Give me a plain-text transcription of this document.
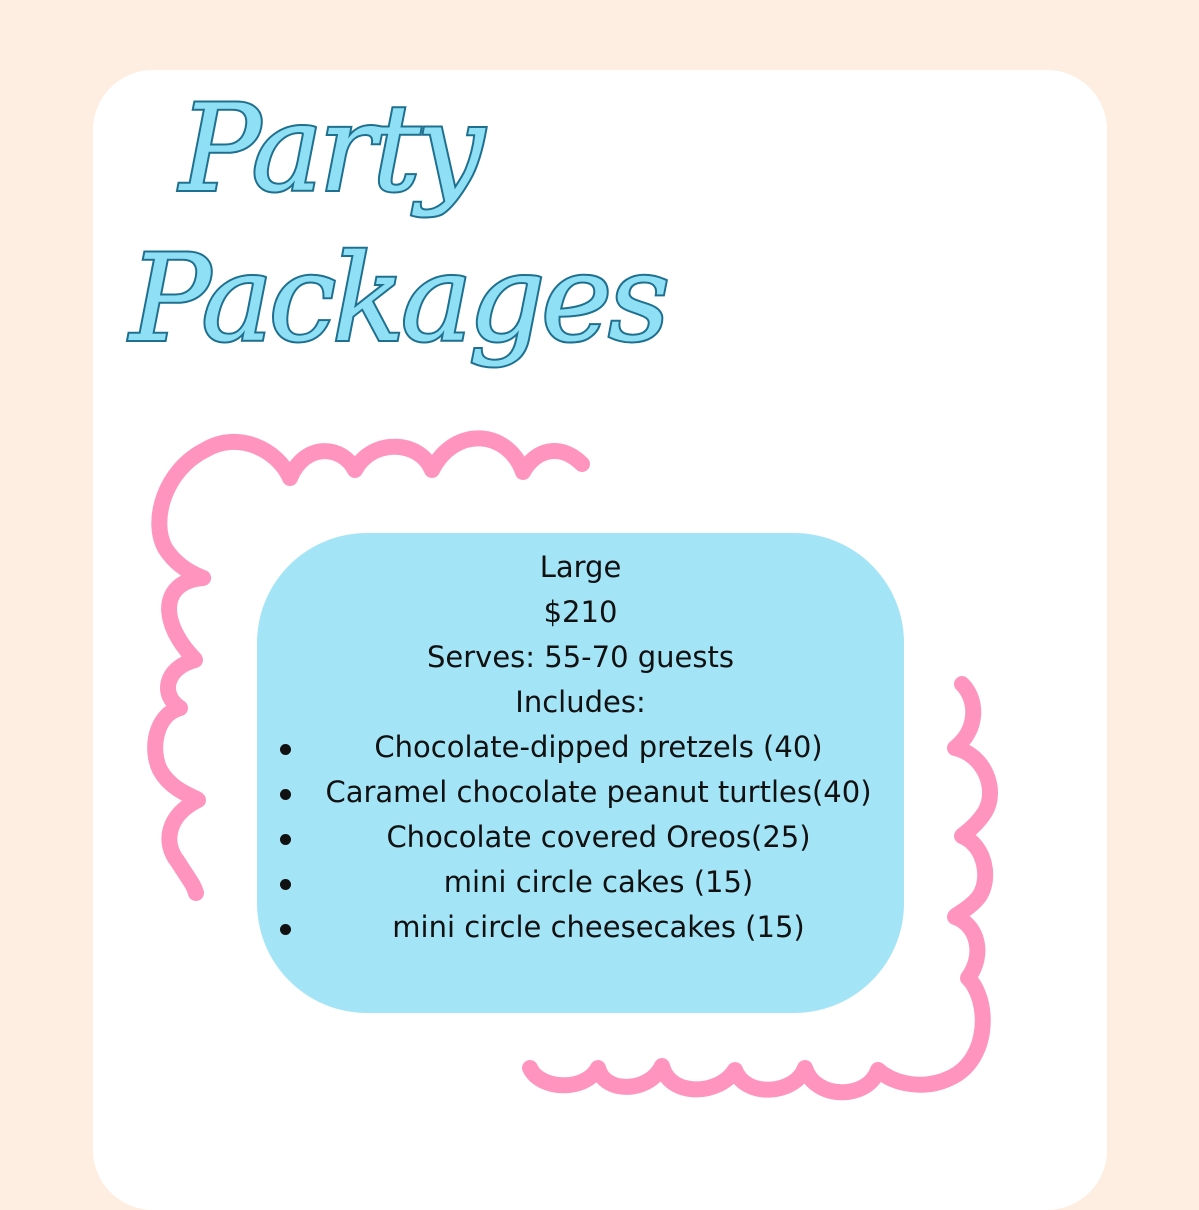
Party
Packages
Large
$210
Serves: 55-70 guests
Includes:
Chocolate-dipped pretzels (40)
Caramel chocolate peanut turtles(40)
Chocolate covered Oreos(25)
mini circle cakes (15)
mini circle cheesecakes (15)
